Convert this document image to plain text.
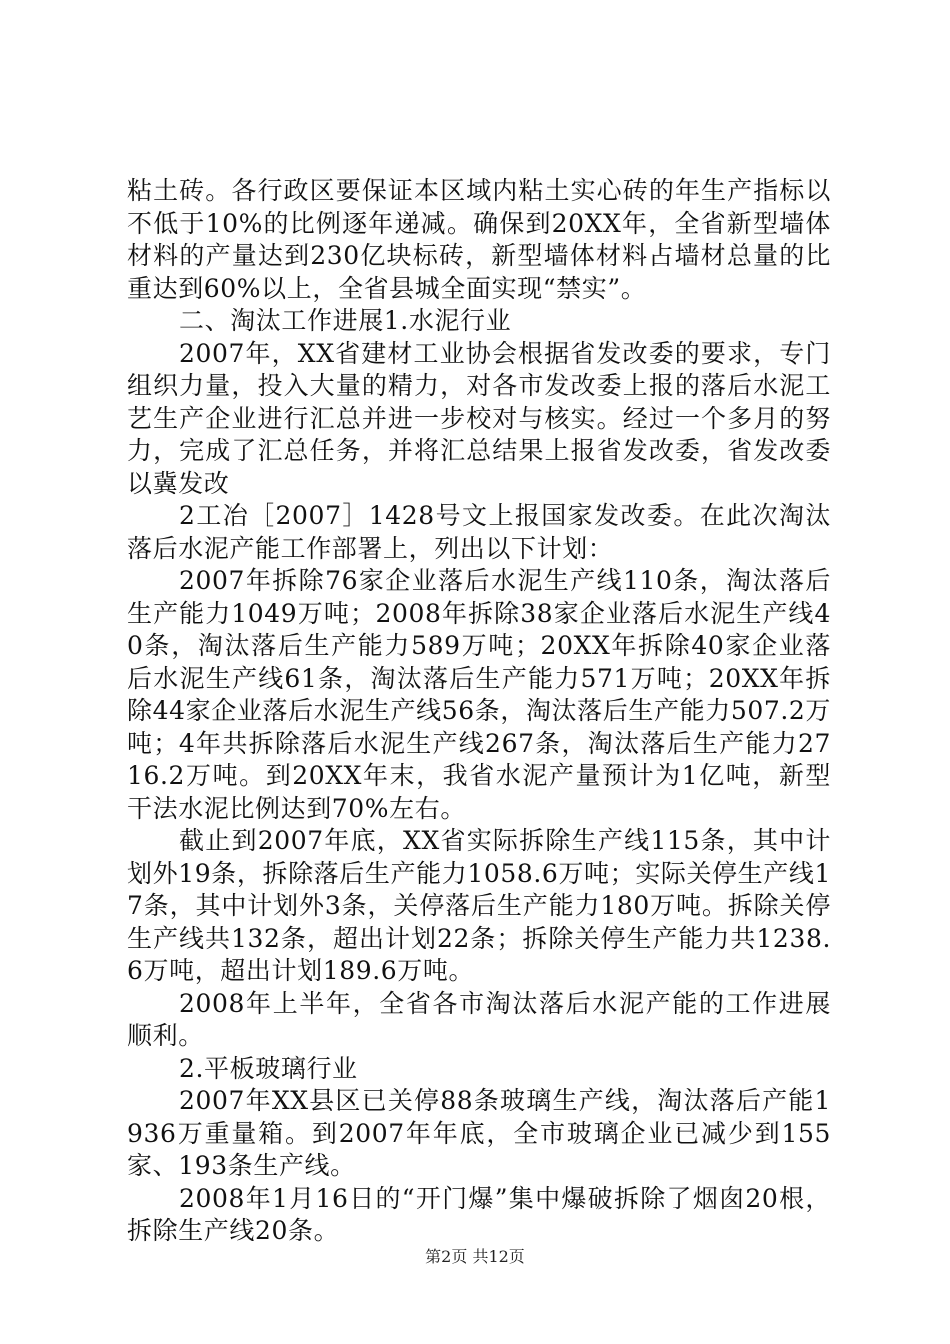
粘土砖。各行政区要保证本区域内粘土实心砖的年生产指标以不低于10%的比例逐年递减。确保到20XX年，全省新型墙体材料的产量达到230亿块标砖，新型墙体材料占墙材总量的比重达到60%以上，全省县城全面实现“禁实”。

二、淘汰工作进展1.水泥行业

2007年，XX省建材工业协会根据省发改委的要求，专门组织力量，投入大量的精力，对各市发改委上报的落后水泥工艺生产企业进行汇总并进一步校对与核实。经过一个多月的努力，完成了汇总任务，并将汇总结果上报省发改委，省发改委以冀发改

2工冶［2007］1428号文上报国家发改委。在此次淘汰落后水泥产能工作部署上，列出以下计划：

2007年拆除76家企业落后水泥生产线110条，淘汰落后生产能力1049万吨；2008年拆除38家企业落后水泥生产线40条，淘汰落后生产能力589万吨；20XX年拆除40家企业落后水泥生产线61条，淘汰落后生产能力571万吨；20XX年拆除44家企业落后水泥生产线56条，淘汰落后生产能力507.2万吨；4年共拆除落后水泥生产线267条，淘汰落后生产能力2716.2万吨。到20XX年末，我省水泥产量预计为1亿吨，新型干法水泥比例达到70%左右。

截止到2007年底，XX省实际拆除生产线115条，其中计划外19条，拆除落后生产能力1058.6万吨；实际关停生产线17条，其中计划外3条，关停落后生产能力180万吨。拆除关停生产线共132条，超出计划22条；拆除关停生产能力共1238.6万吨，超出计划189.6万吨。

2008年上半年，全省各市淘汰落后水泥产能的工作进展顺利。

2.平板玻璃行业

2007年XX县区已关停88条玻璃生产线，淘汰落后产能1936万重量箱。到2007年年底，全市玻璃企业已减少到155家、193条生产线。

2008年1月16日的“开门爆”集中爆破拆除了烟囱20根，拆除生产线20条。

第2页 共12页
